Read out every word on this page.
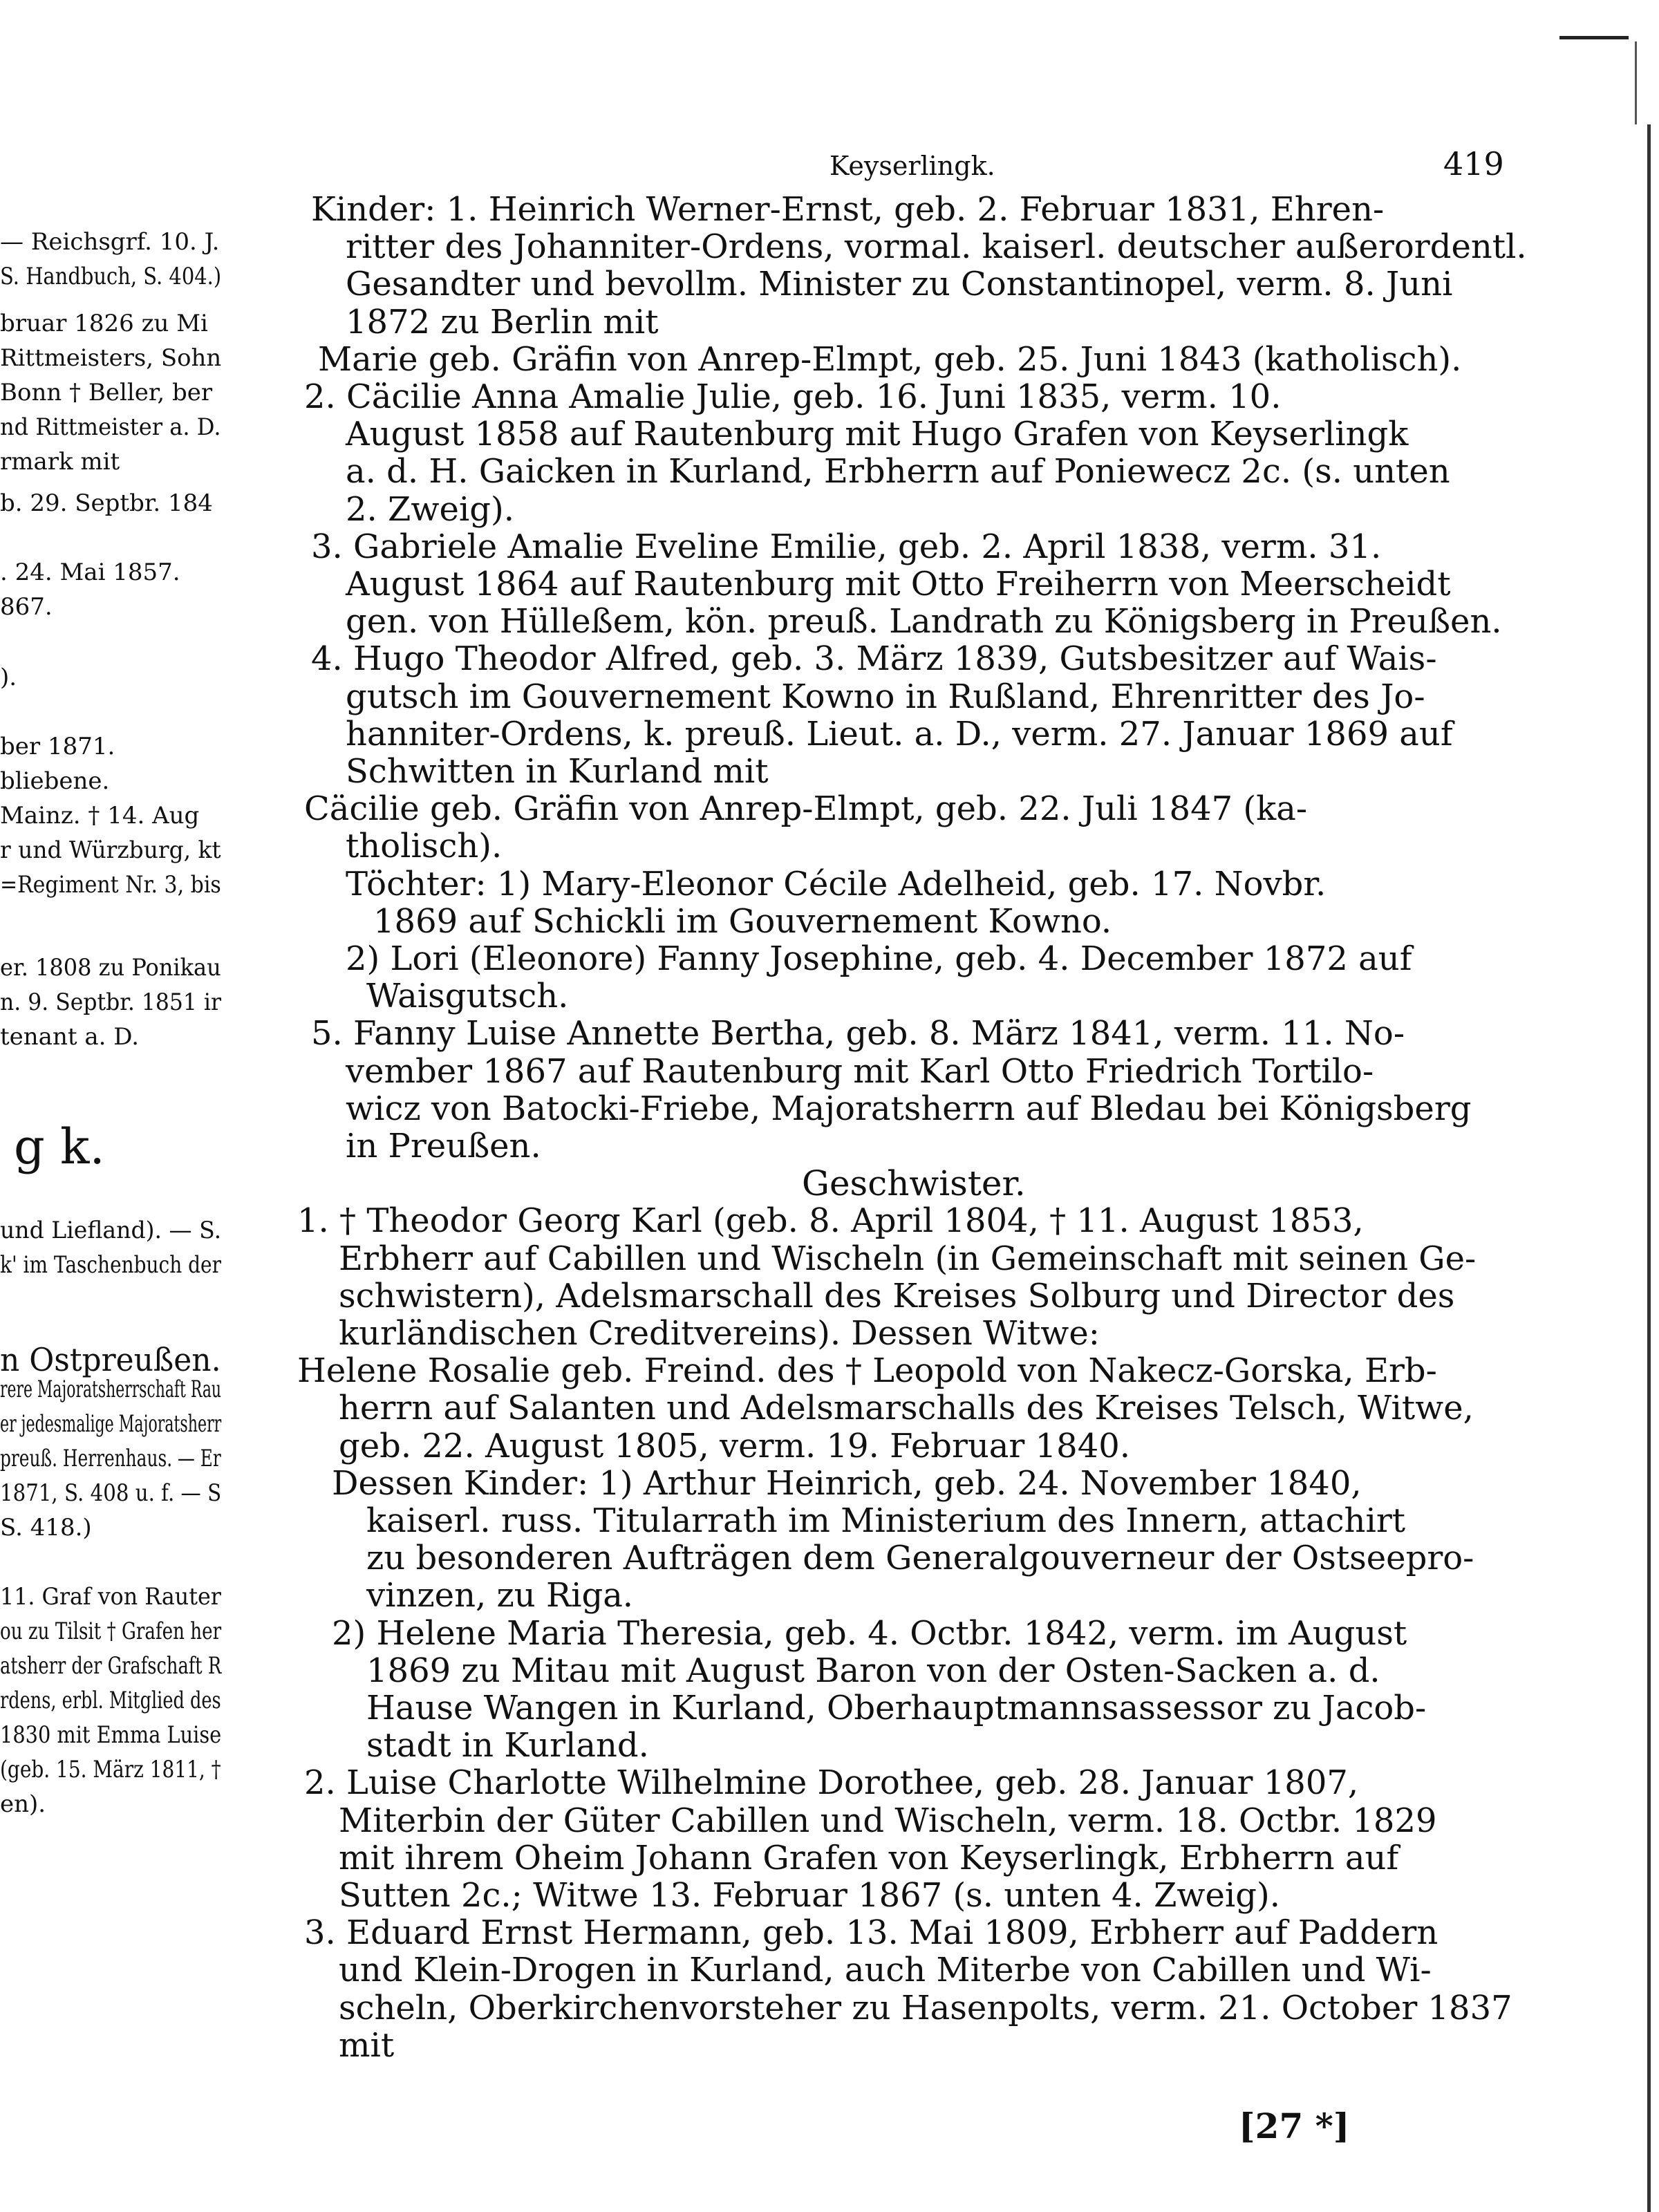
— Reichsgrf. 10. J.
S. Handbuch, S. 404.)
bruar 1826 zu Mi
Rittmeisters, Sohn
Bonn † Beller, ber
nd Rittmeister a. D.
rmark mit
b. 29. Septbr. 184
. 24. Mai 1857.
867.
).
ber 1871.
bliebene.
Mainz. † 14. Aug
r und Würzburg, kt
=Regiment Nr. 3, bis
er. 1808 zu Ponikau
n. 9. Septbr. 1851 ir
tenant a. D.
g k.
und Liefland). — S.
k' im Taschenbuch der
n Ostpreußen.
rere Majoratsherrschaft Rau
er jedesmalige Majoratsherr
preuß. Herrenhaus. — Er
1871, S. 408 u. f. — S
S. 418.)
11. Graf von Rauter
ou zu Tilsit † Grafen her
atsherr der Grafschaft R
rdens, erbl. Mitglied des
1830 mit Emma Luise
(geb. 15. März 1811, †
en).
Keyserlingk.	419
Kinder: 1. Heinrich Werner-Ernst, geb. 2. Februar 1831, Ehren-
ritter des Johanniter-Ordens, vormal. kaiserl. deutscher außerordentl.
Gesandter und bevollm. Minister zu Constantinopel, verm. 8. Juni
1872 zu Berlin mit
Marie geb. Gräfin von Anrep-Elmpt, geb. 25. Juni 1843 (katholisch).
2. Cäcilie Anna Amalie Julie, geb. 16. Juni 1835, verm. 10.
August 1858 auf Rautenburg mit Hugo Grafen von Keyserlingk
a. d. H. Gaicken in Kurland, Erbherrn auf Poniewecz 2c. (s. unten
2. Zweig).
3. Gabriele Amalie Eveline Emilie, geb. 2. April 1838, verm. 31.
August 1864 auf Rautenburg mit Otto Freiherrn von Meerscheidt
gen. von Hülleßem, kön. preuß. Landrath zu Königsberg in Preußen.
4. Hugo Theodor Alfred, geb. 3. März 1839, Gutsbesitzer auf Wais-
gutsch im Gouvernement Kowno in Rußland, Ehrenritter des Jo-
hanniter-Ordens, k. preuß. Lieut. a. D., verm. 27. Januar 1869 auf
Schwitten in Kurland mit
Cäcilie geb. Gräfin von Anrep-Elmpt, geb. 22. Juli 1847 (ka-
tholisch).
Töchter: 1) Mary-Eleonor Cécile Adelheid, geb. 17. Novbr.
1869 auf Schickli im Gouvernement Kowno.
2) Lori (Eleonore) Fanny Josephine, geb. 4. December 1872 auf
Waisgutsch.
5. Fanny Luise Annette Bertha, geb. 8. März 1841, verm. 11. No-
vember 1867 auf Rautenburg mit Karl Otto Friedrich Tortilo-
wicz von Batocki-Friebe, Majoratsherrn auf Bledau bei Königsberg
in Preußen.
Geschwister.
1. † Theodor Georg Karl (geb. 8. April 1804, † 11. August 1853,
Erbherr auf Cabillen und Wischeln (in Gemeinschaft mit seinen Ge-
schwistern), Adelsmarschall des Kreises Solburg und Director des
kurländischen Creditvereins). Dessen Witwe:
Helene Rosalie geb. Freind. des † Leopold von Nakecz-Gorska, Erb-
herrn auf Salanten und Adelsmarschalls des Kreises Telsch, Witwe,
geb. 22. August 1805, verm. 19. Februar 1840.
Dessen Kinder: 1) Arthur Heinrich, geb. 24. November 1840,
kaiserl. russ. Titularrath im Ministerium des Innern, attachirt
zu besonderen Aufträgen dem Generalgouverneur der Ostseepro-
vinzen, zu Riga.
2) Helene Maria Theresia, geb. 4. Octbr. 1842, verm. im August
1869 zu Mitau mit August Baron von der Osten-Sacken a. d.
Hause Wangen in Kurland, Oberhauptmannsassessor zu Jacob-
stadt in Kurland.
2. Luise Charlotte Wilhelmine Dorothee, geb. 28. Januar 1807,
Miterbin der Güter Cabillen und Wischeln, verm. 18. Octbr. 1829
mit ihrem Oheim Johann Grafen von Keyserlingk, Erbherrn auf
Sutten 2c.; Witwe 13. Februar 1867 (s. unten 4. Zweig).
3. Eduard Ernst Hermann, geb. 13. Mai 1809, Erbherr auf Paddern
und Klein-Drogen in Kurland, auch Miterbe von Cabillen und Wi-
scheln, Oberkirchenvorsteher zu Hasenpolts, verm. 21. October 1837
mit
[27 *]
